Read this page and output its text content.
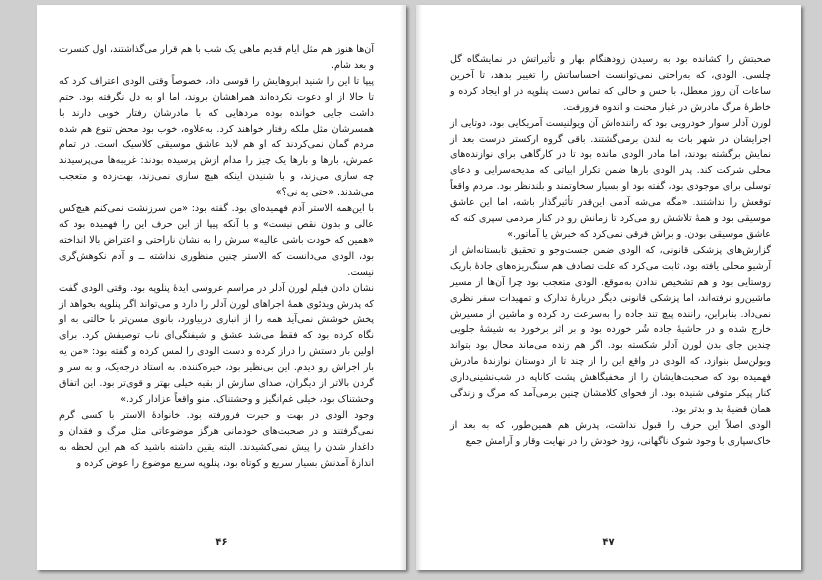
آن‌ها هنوز هم مثل ایام قدیم ماهی یک شب با هم قرار می‌گذاشتند، اول کنسرت و بعد شام.
پیپا تا این را شنید ابروهایش را قوسی داد، خصوصاً وقتی الودی اعتراف کرد که تا حالا از او دعوت نکرده‌اند همراهشان بروند، اما او به دل نگرفته بود. حتم داشت جایی خوانده بوده مردهایی که با مادرشان رفتار خوبی دارند با همسرشان مثل ملکه رفتار خواهند کرد. به‌علاوه، خوب بود محض تنوع هم شده مردم گمان نمی‌کردند که او هم لابد عاشق موسیقی کلاسیک است. در تمام عمرش، بارها و بارها یک چیز را مدام ازش پرسیده بودند: غریبه‌ها می‌پرسیدند چه سازی می‌زند، و با شنیدن اینکه هیچ سازی نمی‌زند، بهت‌زده و متعجب می‌شدند. «حتی یه نی؟»
با این‌همه الاستر آدم فهمیده‌ای بود. گفته بود: «من سرزنشت نمی‌کنم هیچ‌کس عالی و بدون نقص نیست» و با آنکه پیپا از این حرف این را فهمیده بود که «همین که خودت باشی عالیه» سرش را به نشان ناراحتی و اعتراض بالا انداخته بود، الودی می‌دانست که الاستر چنین منظوری نداشته ــ و آدم نکوهش‌گری نیست.
نشان دادن فیلم لورن آدلر در مراسم عروسی ایدهٔ پنلوپه بود. وقتی الودی گفت که پدرش ویدئوی همهٔ اجراهای لورن آدلر را دارد و می‌تواند اگر پنلوپه بخواهد از پخش خوشش نمی‌آید همه را از انباری دربیاورد، بانوی مسن‌تر با حالتی به او نگاه کرده بود که فقط می‌شد عشق و شیفتگی‌ای ناب توصیفش کرد. برای اولین بار دستش را دراز کرده و دست الودی را لمس کرده و گفته بود: «من یه بار اجراش رو دیدم. این بی‌نظیر بود، خیره‌کننده. به استاد درجه‌یک، و به سر و گردن بالاتر از دیگران، صدای سازش از بقیه خیلی بهتر و قوی‌تر بود. این اتفاق وحشتناک بود، خیلی غم‌انگیز و وحشتناک. منو واقعاً عزادار کرد.»
وجود الودی در بهت و حیرت فرورفته بود. خانوادهٔ الاستر با کسی گرم نمی‌گرفتند و در صحبت‌های خودمانی هرگز موضوعاتی مثل مرگ و فقدان و داغدار شدن را پیش نمی‌کشیدند. البته یقین داشته باشید که هم این لحظه به اندازهٔ آمدنش بسیار سریع و کوتاه بود، پنلوپه سریع موضوع را عوض کرده و

۴۶

صحبتش را کشانده بود به رسیدن زودهنگام بهار و تأثیراتش در نمایشگاه گل چلسی. الودی، که به‌راحتی نمی‌توانست احساساتش را تغییر بدهد، تا آخرین ساعات آن روز معطل، با حس و حالی که تماس دست پنلوپه در او ایجاد کرده و خاطرهٔ مرگ مادرش در غبار محنت و اندوه فرورفت.
لورن آدلر سوار خودرویی بود که راننده‌اش آن ویولنیست آمریکایی بود، دوتایی از اجرایشان در شهر باث به لندن برمی‌گشتند. باقی گروه ارکستر درست بعد از نمایش برگشته بودند، اما مادر الودی مانده بود تا در کارگاهی برای نوازنده‌های محلی شرکت کند. پدر الودی بارها ضمن تکرار ابیاتی که مدیحه‌سرایی و دعای توسلی برای موجودی بود، گفته بود او بسیار سخاوتمند و بلندنظر بود. مردم واقعاً توقعش را نداشتند. «مگه می‌شه آدمی این‌قدر تأثیرگذار باشه، اما این عاشق موسیقی بود و همهٔ تلاشش رو می‌کرد تا زمانش رو در کنار مردمی سپری کنه که عاشق موسیقی بودن. و براش فرقی نمی‌کرد که خبرش یا آماتور.»
گزارش‌های پزشکی قانونی، که الودی ضمن جست‌وجو و تحقیق تابستانه‌اش از آرشیو محلی یافته بود، ثابت می‌کرد که علت تصادف هم سنگ‌ریزه‌های جادهٔ باریک روستایی بود و هم تشخیص ندادن به‌موقع. الودی متعجب بود چرا آن‌ها از مسیر ماشین‌رو نرفته‌اند، اما پزشکی قانونی دیگر دربارهٔ تدارک و تمهیدات سفر نظری نمی‌داد. بنابراین، راننده پیچ تند جاده را به‌سرعت رد کرده و ماشین از مسیرش خارج شده و در حاشیهٔ جاده شُر خورده بود و بر اثر برخورد به شیشهٔ جلویی چندین جای بدن لورن آدلر شکسته بود. اگر هم زنده می‌ماند محال بود بتواند ویولن‌سل بنوازد، که الودی در واقع این را از چند تا از دوستان نوازندهٔ مادرش فهمیده بود که صحبت‌هایشان را از مخفیگاهش پشت کاناپه در شب‌نشینی‌داری کنار پیکر متوفی شنیده بود. از فحوای کلامشان چنین برمی‌آمد که مرگ و زندگی همان قضیهٔ بد و بدتر بود.
الودی اصلاً این حرف را قبول نداشت، پدرش هم همین‌طور، که به بعد از خاک‌سپاری با وجود شوک ناگهانی، زود خودش را در نهایت وقار و آرامش جمع

۴۷
